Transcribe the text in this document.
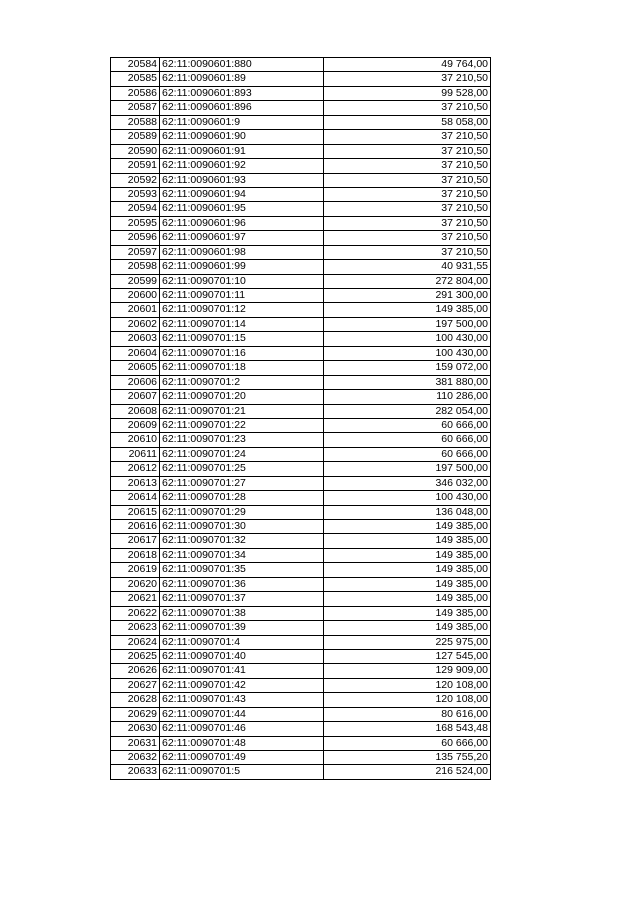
20584	62:11:0090601:880	49 764,00
20585	62:11:0090601:89	37 210,50
20586	62:11:0090601:893	99 528,00
20587	62:11:0090601:896	37 210,50
20588	62:11:0090601:9	58 058,00
20589	62:11:0090601:90	37 210,50
20590	62:11:0090601:91	37 210,50
20591	62:11:0090601:92	37 210,50
20592	62:11:0090601:93	37 210,50
20593	62:11:0090601:94	37 210,50
20594	62:11:0090601:95	37 210,50
20595	62:11:0090601:96	37 210,50
20596	62:11:0090601:97	37 210,50
20597	62:11:0090601:98	37 210,50
20598	62:11:0090601:99	40 931,55
20599	62:11:0090701:10	272 804,00
20600	62:11:0090701:11	291 300,00
20601	62:11:0090701:12	149 385,00
20602	62:11:0090701:14	197 500,00
20603	62:11:0090701:15	100 430,00
20604	62:11:0090701:16	100 430,00
20605	62:11:0090701:18	159 072,00
20606	62:11:0090701:2	381 880,00
20607	62:11:0090701:20	110 286,00
20608	62:11:0090701:21	282 054,00
20609	62:11:0090701:22	60 666,00
20610	62:11:0090701:23	60 666,00
20611	62:11:0090701:24	60 666,00
20612	62:11:0090701:25	197 500,00
20613	62:11:0090701:27	346 032,00
20614	62:11:0090701:28	100 430,00
20615	62:11:0090701:29	136 048,00
20616	62:11:0090701:30	149 385,00
20617	62:11:0090701:32	149 385,00
20618	62:11:0090701:34	149 385,00
20619	62:11:0090701:35	149 385,00
20620	62:11:0090701:36	149 385,00
20621	62:11:0090701:37	149 385,00
20622	62:11:0090701:38	149 385,00
20623	62:11:0090701:39	149 385,00
20624	62:11:0090701:4	225 975,00
20625	62:11:0090701:40	127 545,00
20626	62:11:0090701:41	129 909,00
20627	62:11:0090701:42	120 108,00
20628	62:11:0090701:43	120 108,00
20629	62:11:0090701:44	80 616,00
20630	62:11:0090701:46	168 543,48
20631	62:11:0090701:48	60 666,00
20632	62:11:0090701:49	135 755,20
20633	62:11:0090701:5	216 524,00
